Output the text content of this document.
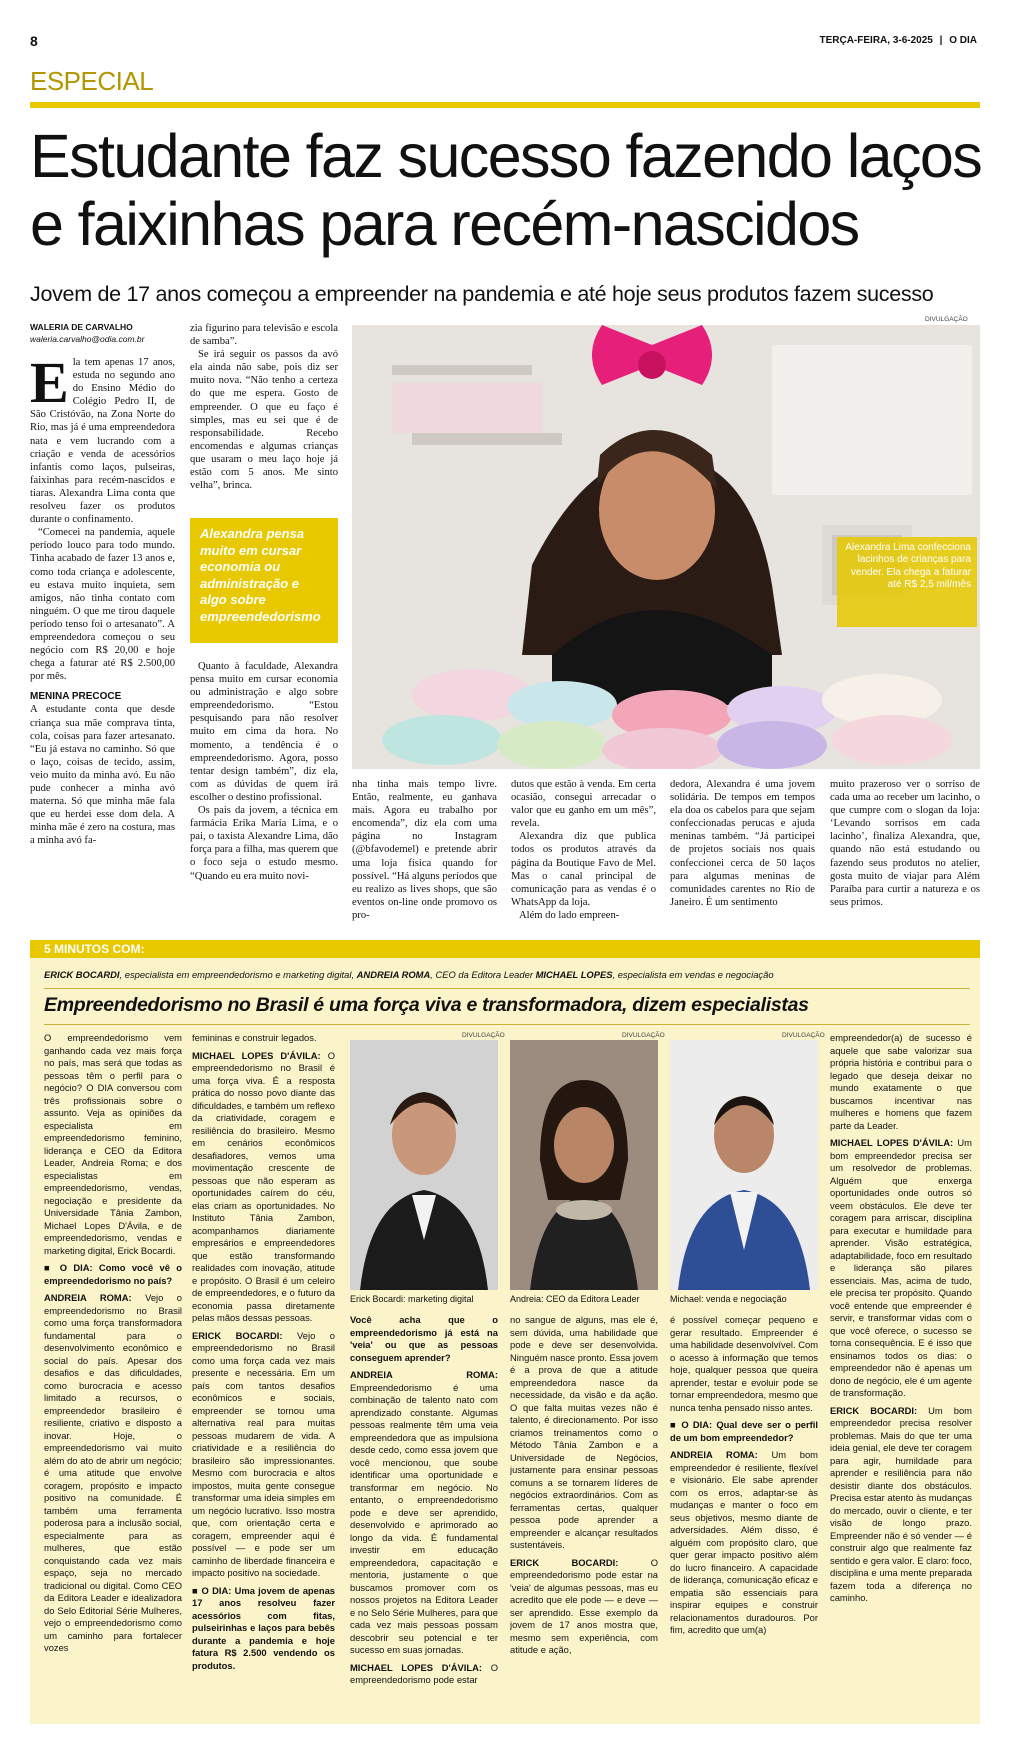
8	TERÇA-FEIRA, 3-6-2025 | O DIA
ESPECIAL
Estudante faz sucesso fazendo laços
e faixinhas para recém-nascidos
Jovem de 17 anos começou a empreender na pandemia e até hoje seus produtos fazem sucesso
WALERIA DE CARVALHO
waleria.carvalho@odia.com.br
E la tem apenas 17 anos, estuda no segundo ano do Ensino Médio do Colégio Pedro II, de São Cristóvão, na Zona Norte do Rio, mas já é uma empreendedora nata e vem lucrando com a criação e venda de acessórios infantis como laços, pulseiras, faixinhas para recém-nascidos e tiaras. Alexandra Lima conta que resolveu fazer os produtos durante o confinamento.

“Comecei na pandemia, aquele período louco para todo mundo. Tinha acabado de fazer 13 anos e, como toda criança e adolescente, eu estava muito inquieta, sem amigos, não tinha contato com ninguém. O que me tirou daquele período tenso foi o artesanato”. A empreendedora começou o seu negócio com R$ 20,00 e hoje chega a faturar até R$ 2.500,00 por mês.

MENINA PRECOCE

A estudante conta que desde criança sua mãe comprava tinta, cola, coisas para fazer artesanato. “Eu já estava no caminho. Só que o laço, coisas de tecido, assim, veio muito da minha avó. Eu não pude conhecer a minha avó materna. Só que minha mãe fala que eu herdei esse dom dela. A minha mãe é zero na costura, mas a minha avó fa-

zia figurino para televisão e escola de samba”.

Se irá seguir os passos da avó ela ainda não sabe, pois diz ser muito nova. “Não tenho a certeza do que me espera. Gosto de empreender. O que eu faço é simples, mas eu sei que é de responsabilidade. Recebo encomendas e algumas crianças que usaram o meu laço hoje já estão com 5 anos. Me sinto velha”, brinca.

Alexandra pensa muito em cursar economia ou administração e algo sobre empreendedorismo

Quanto à faculdade, Alexandra pensa muito em cursar economia ou administração e algo sobre empreendedorismo. “Estou pesquisando para não resolver muito em cima da hora. No momento, a tendência é o empreendedorismo. Agora, posso tentar design também”, diz ela, com as dúvidas de quem irá escolher o destino profissional.

Os pais da jovem, a técnica em farmácia Erika Maria Lima, e o pai, o taxista Alexandre Lima, dão força para a filha, mas querem que o foco seja o estudo mesmo. “Quando eu era muito novi-

DIVULGAÇÃO
Alexandra Lima confecciona lacinhos de crianças para vender. Ela chega a faturar até R$ 2,5 mil/mês

nha tinha mais tempo livre. Então, realmente, eu ganhava mais. Agora eu trabalho por encomenda”, diz ela com uma página no Instagram (@bfavodemel) e pretende abrir uma loja física quando for possível. “Há alguns períodos que eu realizo as lives shops, que são eventos on-line onde promovo os pro-

dutos que estão à venda. Em certa ocasião, consegui arrecadar o valor que eu ganho em um mês”, revela.

Alexandra diz que publica todos os produtos através da página da Boutique Favo de Mel. Mas o canal principal de comunicação para as vendas é o WhatsApp da loja.

Além do lado empreen-

dedora, Alexandra é uma jovem solidária. De tempos em tempos ela doa os cabelos para que sejam confeccionadas perucas e ajuda meninas também. “Já participei de projetos sociais nos quais confeccionei cerca de 50 laços para algumas meninas de comunidades carentes no Rio de Janeiro. É um sentimento

muito prazeroso ver o sorriso de cada uma ao receber um lacinho, o que cumpre com o slogan da loja: ‘Levando sorrisos em cada lacinho’, finaliza Alexandra, que, quando não está estudando ou fazendo seus produtos no atelier, gosta muito de viajar para Além Paraíba para curtir a natureza e os seus primos.

5 MINUTOS COM:
ERICK BOCARDI, especialista em empreendedorismo e marketing digital, ANDREIA ROMA, CEO da Editora Leader MICHAEL LOPES, especialista em vendas e negociação
Empreendedorismo no Brasil é uma força viva e transformadora, dizem especialistas

O empreendedorismo vem ganhando cada vez mais força no país, mas será que todas as pessoas têm o perfil para o negócio? O DIA conversou com três profissionais sobre o assunto. Veja as opiniões da especialista em empreendedorismo feminino, liderança e CEO da Editora Leader, Andreia Roma; e dos especialistas em empreendedorismo, vendas, negociação e presidente da Universidade Tânia Zambon, Michael Lopes D'Ávila, e de empreendedorismo, vendas e marketing digital, Erick Bocardi.

■ O DIA: Como você vê o empreendedorismo no país?

ANDREIA ROMA: Vejo o empreendedorismo no Brasil como uma força transformadora fundamental para o desenvolvimento econômico e social do país. Apesar dos desafios e das dificuldades, como burocracia e acesso limitado a recursos, o empreendedor brasileiro é resiliente, criativo e disposto a inovar. Hoje, o empreendedorismo vai muito além do ato de abrir um negócio; é uma atitude que envolve coragem, propósito e impacto positivo na comunidade. É também uma ferramenta poderosa para a inclusão social, especialmente para as mulheres, que estão conquistando cada vez mais espaço, seja no mercado tradicional ou digital. Como CEO da Editora Leader e idealizadora do Selo Editorial Série Mulheres, vejo o empreendedorismo como um caminho para fortalecer vozes

femininas e construir legados.

MICHAEL LOPES D'ÁVILA: O empreendedorismo no Brasil é uma força viva. É a resposta prática do nosso povo diante das dificuldades, e também um reflexo da criatividade, coragem e resiliência do brasileiro. Mesmo em cenários econômicos desafiadores, vemos uma movimentação crescente de pessoas que não esperam as oportunidades caírem do céu, elas criam as oportunidades. No Instituto Tânia Zambon, acompanhamos diariamente empresários e empreendedores que estão transformando realidades com inovação, atitude e propósito. O Brasil é um celeiro de empreendedores, e o futuro da economia passa diretamente pelas mãos dessas pessoas.

ERICK BOCARDI: Vejo o empreendedorismo no Brasil como uma força cada vez mais presente e necessária. Em um país com tantos desafios econômicos e sociais, empreender se tornou uma alternativa real para muitas pessoas mudarem de vida. A criatividade e a resiliência do brasileiro são impressionantes. Mesmo com burocracia e altos impostos, muita gente consegue transformar uma ideia simples em um negócio lucrativo. Isso mostra que, com orientação certa e coragem, empreender aqui é possível — e pode ser um caminho de liberdade financeira e impacto positivo na sociedade.

■ O DIA: Uma jovem de apenas 17 anos resolveu fazer acessórios com fitas, pulseirinhas e laços para bebês durante a pandemia e hoje fatura R$ 2.500 vendendo os produtos.

DIVULGAÇÃO
Erick Bocardi: marketing digital
DIVULGAÇÃO
Andreia: CEO da Editora Leader
DIVULGAÇÃO
Michael: venda e negociação

Você acha que o empreendedorismo já está na 'veia' ou que as pessoas conseguem aprender?

ANDREIA ROMA: Empreendedorismo é uma combinação de talento nato com aprendizado constante. Algumas pessoas realmente têm uma veia empreendedora que as impulsiona desde cedo, como essa jovem que você mencionou, que soube identificar uma oportunidade e transformar em negócio. No entanto, o empreendedorismo pode e deve ser aprendido, desenvolvido e aprimorado ao longo da vida. É fundamental investir em educação empreendedora, capacitação e mentoria, justamente o que buscamos promover com os nossos projetos na Editora Leader e no Selo Série Mulheres, para que cada vez mais pessoas possam descobrir seu potencial e ter sucesso em suas jornadas.

MICHAEL LOPES D'ÁVILA: O empreendedorismo pode estar

no sangue de alguns, mas ele é, sem dúvida, uma habilidade que pode e deve ser desenvolvida. Ninguém nasce pronto. Essa jovem é a prova de que a atitude empreendedora nasce da necessidade, da visão e da ação. O que falta muitas vezes não é talento, é direcionamento. Por isso criamos treinamentos como o Método Tânia Zambon e a Universidade de Negócios, justamente para ensinar pessoas comuns a se tornarem líderes de negócios extraordinários. Com as ferramentas certas, qualquer pessoa pode aprender a empreender e alcançar resultados sustentáveis.

ERICK BOCARDI: O empreendedorismo pode estar na 'veia' de algumas pessoas, mas eu acredito que ele pode — e deve — ser aprendido. Esse exemplo da jovem de 17 anos mostra que, mesmo sem experiência, com atitude e ação,

é possível começar pequeno e gerar resultado. Empreender é uma habilidade desenvolvível. Com o acesso à informação que temos hoje, qualquer pessoa que queira aprender, testar e evoluir pode se tornar empreendedora, mesmo que nunca tenha pensado nisso antes.

■ O DIA: Qual deve ser o perfil de um bom empreendedor?

ANDREIA ROMA: Um bom empreendedor é resiliente, flexível e visionário. Ele sabe aprender com os erros, adaptar-se às mudanças e manter o foco em seus objetivos, mesmo diante de adversidades. Além disso, é alguém com propósito claro, que quer gerar impacto positivo além do lucro financeiro. A capacidade de liderança, comunicação eficaz e empatia são essenciais para inspirar equipes e construir relacionamentos duradouros. Por fim, acredito que um(a)

empreendedor(a) de sucesso é aquele que sabe valorizar sua própria história e contribui para o legado que deseja deixar no mundo exatamente o que buscamos incentivar nas mulheres e homens que fazem parte da Leader.

MICHAEL LOPES D'ÁVILA: Um bom empreendedor precisa ser um resolvedor de problemas. Alguém que enxerga oportunidades onde outros só veem obstáculos. Ele deve ter coragem para arriscar, disciplina para executar e humildade para aprender. Visão estratégica, adaptabilidade, foco em resultado e liderança são pilares essenciais. Mas, acima de tudo, ele precisa ter propósito. Quando você entende que empreender é servir, e transformar vidas com o que você oferece, o sucesso se torna consequência. E é isso que ensinamos todos os dias: o empreendedor não é apenas um dono de negócio, ele é um agente de transformação.

ERICK BOCARDI: Um bom empreendedor precisa resolver problemas. Mais do que ter uma ideia genial, ele deve ter coragem para agir, humildade para aprender e resiliência para não desistir diante dos obstáculos. Precisa estar atento às mudanças do mercado, ouvir o cliente, e ter visão de longo prazo. Empreender não é só vender — é construir algo que realmente faz sentido e gera valor. E claro: foco, disciplina e uma mente preparada fazem toda a diferença no caminho.
